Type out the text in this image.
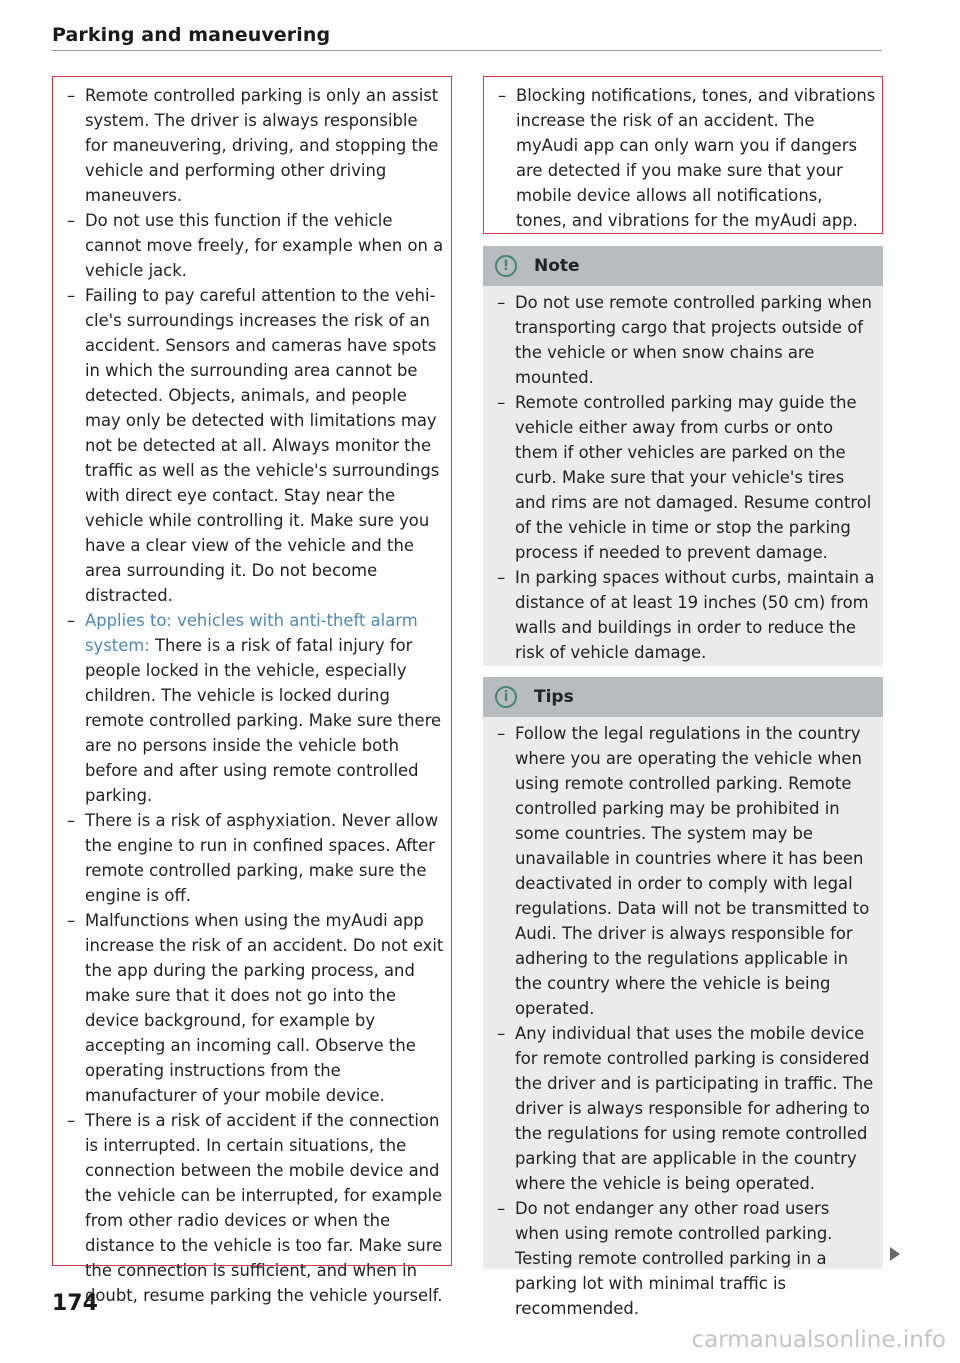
Parking and maneuvering
– Remote controlled parking is only an assist system. The driver is always responsible for maneuvering, driving, and stopping the vehicle and performing other driving maneuvers.
– Do not use this function if the vehicle cannot move freely, for example when on a vehicle jack.
– Failing to pay careful attention to the vehicle's surroundings increases the risk of an accident. Sensors and cameras have spots in which the surrounding area cannot be detected. Objects, animals, and people may only be detected with limitations may not be detected at all. Always monitor the traffic as well as the vehicle's surroundings with direct eye contact. Stay near the vehicle while controlling it. Make sure you have a clear view of the vehicle and the area surrounding it. Do not become distracted.
– Applies to: vehicles with anti-theft alarm system: There is a risk of fatal injury for people locked in the vehicle, especially children. The vehicle is locked during remote controlled parking. Make sure there are no persons inside the vehicle both before and after using remote controlled parking.
– There is a risk of asphyxiation. Never allow the engine to run in confined spaces. After remote controlled parking, make sure the engine is off.
– Malfunctions when using the myAudi app increase the risk of an accident. Do not exit the app during the parking process, and make sure that it does not go into the device background, for example by accepting an incoming call. Observe the operating instructions from the manufacturer of your mobile device.
– There is a risk of accident if the connection is interrupted. In certain situations, the connection between the mobile device and the vehicle can be interrupted, for example from other radio devices or when the distance to the vehicle is too far. Make sure the connection is sufficient, and when in doubt, resume parking the vehicle yourself.
– Blocking notifications, tones, and vibrations increase the risk of an accident. The myAudi app can only warn you if dangers are detected if you make sure that your mobile device allows all notifications, tones, and vibrations for the myAudi app.
!	Note
– Do not use remote controlled parking when transporting cargo that projects outside of the vehicle or when snow chains are mounted.
– Remote controlled parking may guide the vehicle either away from curbs or onto them if other vehicles are parked on the curb. Make sure that your vehicle's tires and rims are not damaged. Resume control of the vehicle in time or stop the parking process if needed to prevent damage.
– In parking spaces without curbs, maintain a distance of at least 19 inches (50 cm) from walls and buildings in order to reduce the risk of vehicle damage.
i	Tips
– Follow the legal regulations in the country where you are operating the vehicle when using remote controlled parking. Remote controlled parking may be prohibited in some countries. The system may be unavailable in countries where it has been deactivated in order to comply with legal regulations. Data will not be transmitted to Audi. The driver is always responsible for adhering to the regulations applicable in the country where the vehicle is being operated.
– Any individual that uses the mobile device for remote controlled parking is considered the driver and is participating in traffic. The driver is always responsible for adhering to the regulations for using remote controlled parking that are applicable in the country where the vehicle is being operated.
– Do not endanger any other road users when using remote controlled parking. Testing remote controlled parking in a parking lot with minimal traffic is recommended.
174
carmanualsonline.info
